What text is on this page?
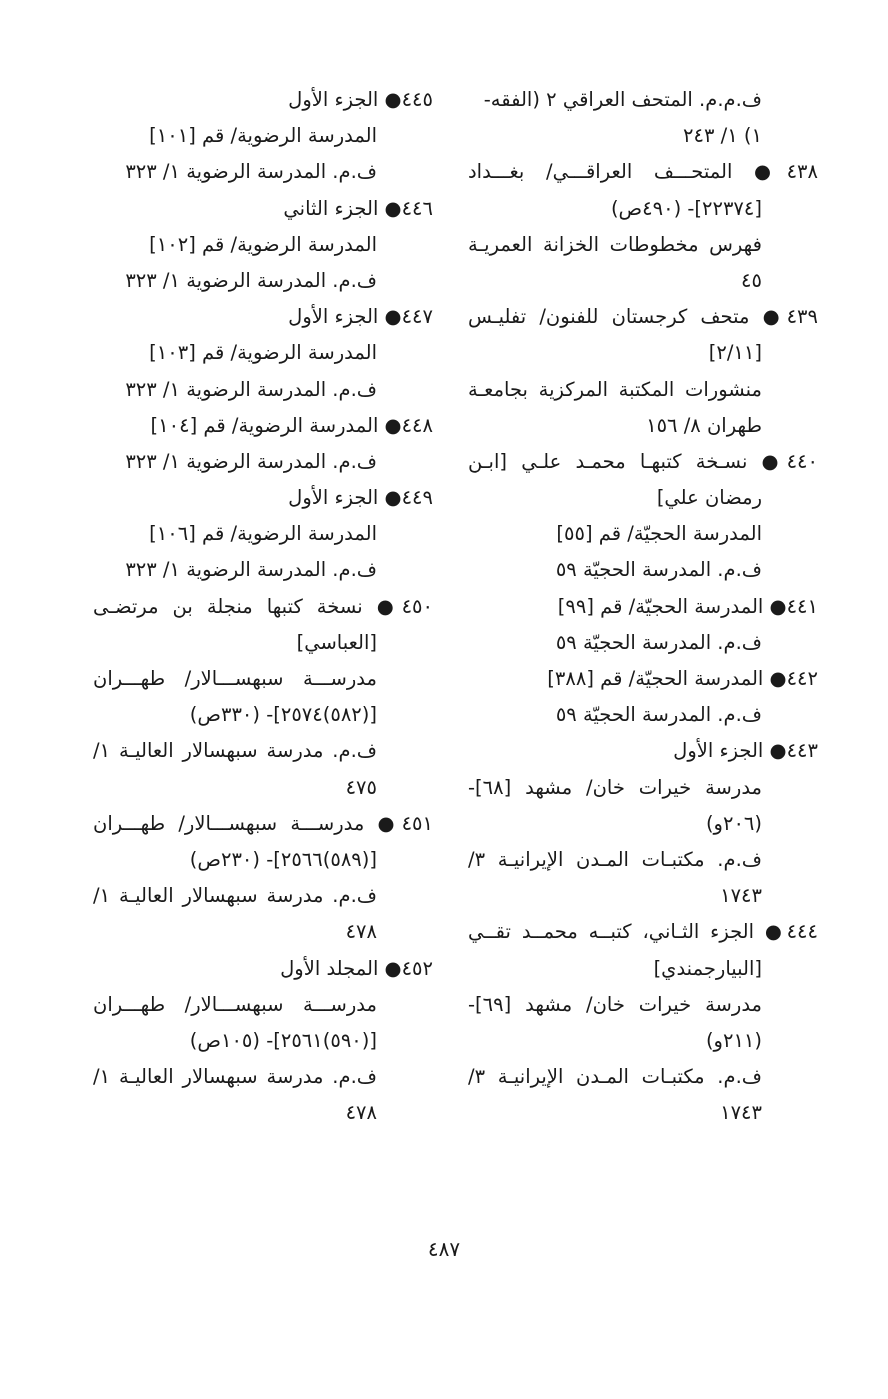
ف.م.م. المتحف العراقي ٢ (الفقه-
١) ١/ ٢٤٣
٤٣٨● المتحـــف العراقـــي/ بغـــداد
[٢٢٣٧٤]- (٤٩٠ص)
فهرس مخطوطات الخزانة العمريـة
٤٥
٤٣٩● متحف كرجستان للفنون/ تفليـس
[٢/١١]
منشورات المكتبة المركزية بجامعـة
طهران ٨/ ١٥٦
٤٤٠● نسـخة كتبهـا محمـد علـي [ابـن
رمضان علي]
المدرسة الحجيّة/ قم [٥٥]
ف.م. المدرسة الحجيّة ٥٩
٤٤١● المدرسة الحجيّة/ قم [٩٩]
ف.م. المدرسة الحجيّة ٥٩
٤٤٢● المدرسة الحجيّة/ قم [٣٨٨]
ف.م. المدرسة الحجيّة ٥٩
٤٤٣● الجزء الأول
مدرسة خيرات خان/ مشهد [٦٨]-
(٢٠٦و)
ف.م. مكتبـات المـدن الإيرانيـة ٣/
١٧٤٣
٤٤٤● الجزء الثـاني، كتبــه محمــد تقــي
[البيارجمندي]
مدرسة خيرات خان/ مشهد [٦٩]-
(٢١١و)
ف.م. مكتبـات المـدن الإيرانيـة ٣/
١٧٤٣
٤٤٥● الجزء الأول
المدرسة الرضوية/ قم [١٠١]
ف.م. المدرسة الرضوية ١/ ٣٢٣
٤٤٦● الجزء الثاني
المدرسة الرضوية/ قم [١٠٢]
ف.م. المدرسة الرضوية ١/ ٣٢٣
٤٤٧● الجزء الأول
المدرسة الرضوية/ قم [١٠٣]
ف.م. المدرسة الرضوية ١/ ٣٢٣
٤٤٨● المدرسة الرضوية/ قم [١٠٤]
ف.م. المدرسة الرضوية ١/ ٣٢٣
٤٤٩● الجزء الأول
المدرسة الرضوية/ قم [١٠٦]
ف.م. المدرسة الرضوية ١/ ٣٢٣
٤٥٠● نسخة كتبها منجلة بن مرتضـى
[العباسي]
مدرســـة سبهســـالار/ طهـــران
[(٥٨٢)٢٥٧٤]- (٣٣٠ص)
ف.م. مدرسة سبهسالار العاليـة ١/
٤٧٥
٤٥١● مدرســـة سبهســـالار/ طهـــران
[(٥٨٩)٢٥٦٦]- (٢٣٠ص)
ف.م. مدرسة سبهسالار العاليـة ١/
٤٧٨
٤٥٢● المجلد الأول
مدرســـة سبهســـالار/ طهـــران
[(٥٩٠)٢٥٦١]- (١٠٥ص)
ف.م. مدرسة سبهسالار العاليـة ١/
٤٧٨
٤٨٧
